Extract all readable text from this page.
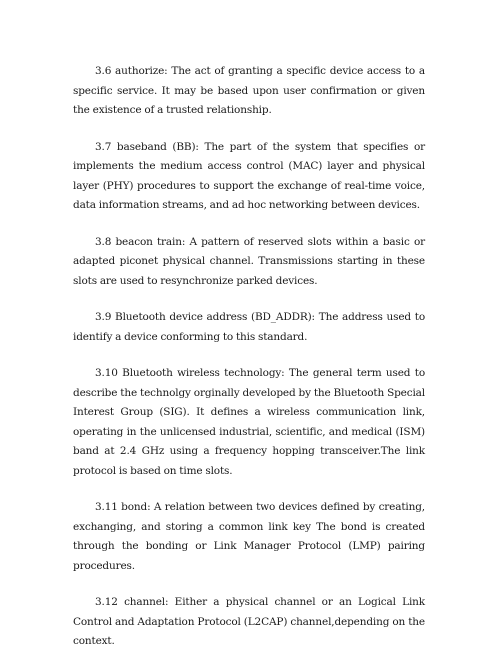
3.6 authorize: The act of granting a specific device access to a specific service. It may be based upon user confirmation or given the existence of a trusted relationship.

3.7 baseband (BB): The part of the system that specifies or implements the medium access control (MAC) layer and physical layer (PHY) procedures to support the exchange of real-time voice, data information streams, and ad hoc networking between devices.

3.8 beacon train: A pattern of reserved slots within a basic or adapted piconet physical channel. Transmissions starting in these slots are used to resynchronize parked devices.

3.9 Bluetooth device address (BD_ADDR): The address used to identify a device conforming to this standard.

3.10 Bluetooth wireless technology: The general term used to describe the technolgy orginally developed by the Bluetooth Special Interest Group (SIG). It defines a wireless communication link, operating in the unlicensed industrial, scientific, and medical (ISM) band at 2.4 GHz using a frequency hopping transceiver.The link protocol is based on time slots.

3.11 bond: A relation between two devices defined by creating, exchanging, and storing a common link key The bond is created through the bonding or Link Manager Protocol (LMP) pairing procedures.

3.12 channel: Either a physical channel or an Logical Link Control and Adaptation Protocol (L2CAP) channel,depending on the context.
